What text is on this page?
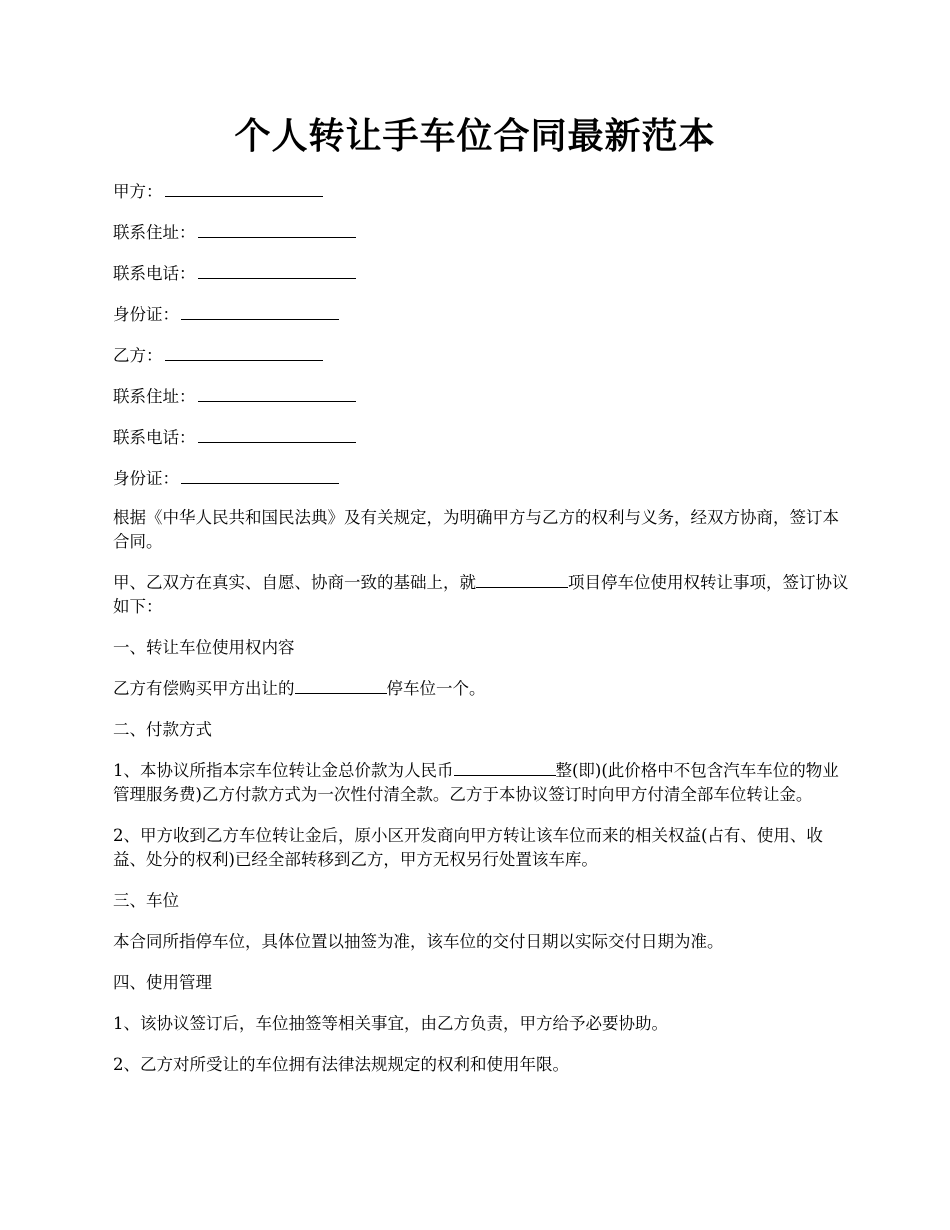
个人转让手车位合同最新范本
甲方：
联系住址：
联系电话：
身份证：
乙方：
联系住址：
联系电话：
身份证：

根据《中华人民共和国民法典》及有关规定，为明确甲方与乙方的权利与义务，经双方协商，签订本合同。

甲、乙双方在真实、自愿、协商一致的基础上，就	项目停车位使用权转让事项，签订协议如下：

一、转让车位使用权内容

乙方有偿购买甲方出让的	停车位一个。

二、付款方式

1、本协议所指本宗车位转让金总价款为人民币	整(即)(此价格中不包含汽车车位的物业管理服务费)乙方付款方式为一次性付清全款。乙方于本协议签订时向甲方付清全部车位转让金。

2、甲方收到乙方车位转让金后，原小区开发商向甲方转让该车位而来的相关权益(占有、使用、收益、处分的权利)已经全部转移到乙方，甲方无权另行处置该车库。

三、车位

本合同所指停车位，具体位置以抽签为准，该车位的交付日期以实际交付日期为准。

四、使用管理

1、该协议签订后，车位抽签等相关事宜，由乙方负责，甲方给予必要协助。

2、乙方对所受让的车位拥有法律法规规定的权利和使用年限。
